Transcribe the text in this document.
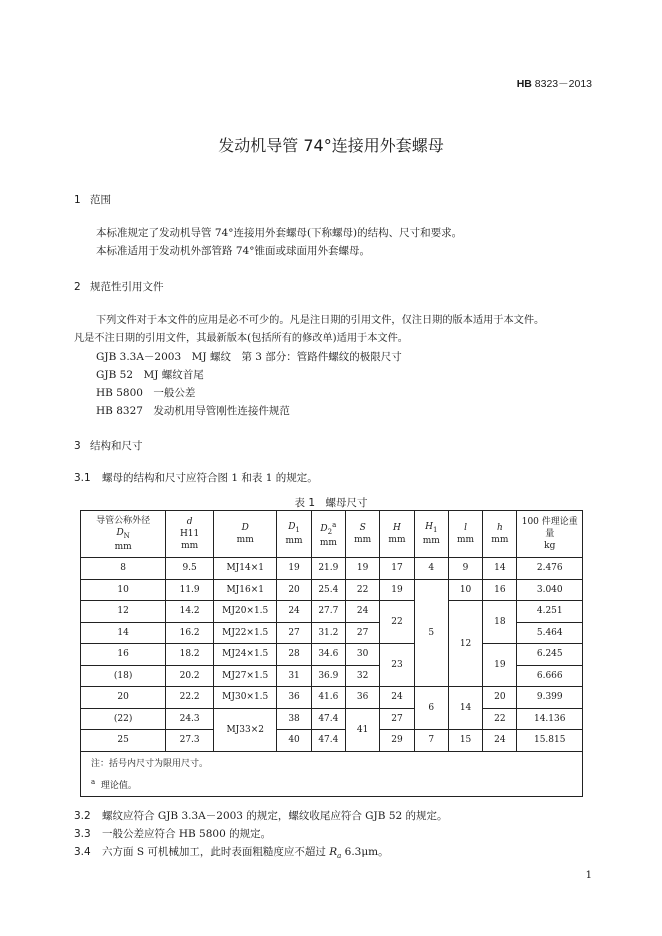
HB 8323－2013
发动机导管 74°连接用外套螺母
1 范围
本标准规定了发动机导管 74°连接用外套螺母(下称螺母)的结构、尺寸和要求。
本标准适用于发动机外部管路 74°锥面或球面用外套螺母。
2 规范性引用文件
下列文件对于本文件的应用是必不可少的。凡是注日期的引用文件，仅注日期的版本适用于本文件。
凡是不注日期的引用文件，其最新版本(包括所有的修改单)适用于本文件。
GJB 3.3A－2003　MJ 螺纹　第 3 部分：管路件螺纹的极限尺寸
GJB 52　MJ 螺纹首尾
HB 5800　一般公差
HB 8327　发动机用导管刚性连接件规范
3 结构和尺寸
3.1 螺母的结构和尺寸应符合图 1 和表 1 的规定。
表 1　螺母尺寸
导管公称外径
$D_N$
mm	d
H11
mm	D
mm	$D_1$
mm	$D_2^a$
mm	S
mm	H
mm	$H_1$
mm	l
mm	h
mm	100 件理论重量
kg
8	9.5	MJ14×1	19	21.9	19	17	4	9	14	2.476
10	11.9	MJ16×1	20	25.4	22	19	5	10	16	3.040
12	14.2	MJ20×1.5	24	27.7	24	22		12	18	4.251
14	16.2	MJ22×1.5	27	31.2	27					5.464
16	18.2	MJ24×1.5	28	34.6	30	23			19	6.245
(18)	20.2	MJ27×1.5	31	36.9	32					6.666
20	22.2	MJ30×1.5	36	41.6	36	24	6	14	20	9.399
(22)	24.3	MJ33×2	38	47.4	41	27			22	14.136
25	27.3		40	47.4		29	7	15	24	15.815
注：括号内尺寸为限用尺寸。										
$^a$ 理论值。										
3.2 螺纹应符合 GJB 3.3A－2003 的规定，螺纹收尾应符合 GJB 52 的规定。
3.3 一般公差应符合 HB 5800 的规定。
3.4 六方面 S 可机械加工，此时表面粗糙度应不超过 $R_a$ 6.3μm。
1
